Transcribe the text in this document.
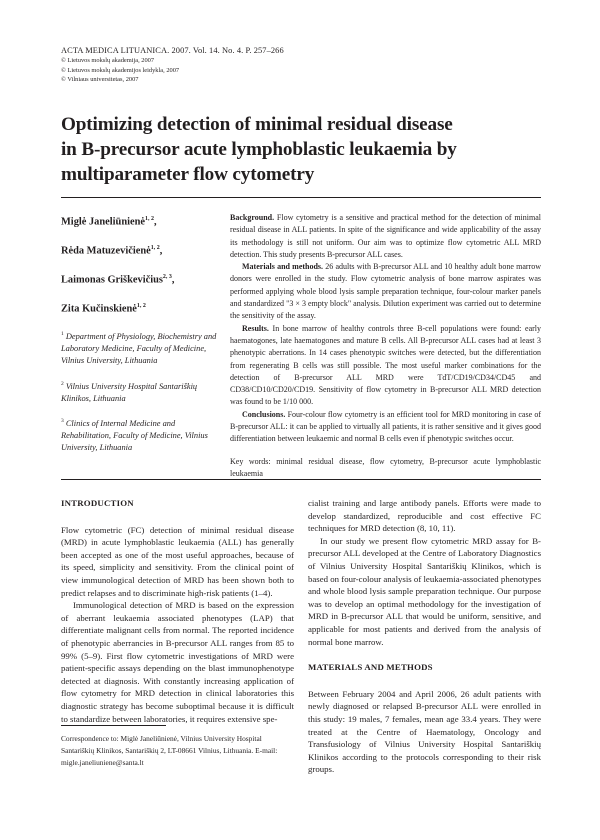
ACTA MEDICA LITUANICA. 2007. Vol. 14. No. 4. P. 257–266
© Lietuvos mokslų akademija, 2007
© Lietuvos mokslų akademijos leidykla, 2007
© Vilniaus universitetas, 2007
Optimizing detection of minimal residual disease
in B-precursor acute lymphoblastic leukaemia by
multiparameter flow cytometry
Miglė Janeliūnienė$^{1, 2}$,
Rėda Matuzevičienė$^{1, 2}$,
Laimonas Griškevičius$^{2, 3}$,
Zita Kučinskienė$^{1, 2}$
$^1$ Department of Physiology, Biochemistry and Laboratory Medicine, Faculty of Medicine, Vilnius University, Lithuania
$^2$ Vilnius University Hospital Santariškių Klinikos, Lithuania
$^3$ Clinics of Internal Medicine and Rehabilitation, Faculty of Medicine, Vilnius University, Lithuania

Background. Flow cytometry is a sensitive and practical method for the detection of minimal residual disease in ALL patients. In spite of the significance and wide applicability of the assay its methodology is still not uniform. Our aim was to optimize flow cytometric ALL MRD detection. This study presents B-precursor ALL cases.

Materials and methods. 26 adults with B-precursor ALL and 10 healthy adult bone marrow donors were enrolled in the study. Flow cytometric analysis of bone marrow aspirates was performed applying whole blood lysis sample preparation technique, four-colour marker panels and standardized "3 × 3 empty block" analysis. Dilution experiment was carried out to determine the sensitivity of the assay.

Results. In bone marrow of healthy controls three B-cell populations were found: early haematogones, late haematogones and mature B cells. All B-precursor ALL cases had at least 3 phenotypic aberrations. In 14 cases phenotypic switches were detected, but the differentiation from regenerating B cells was still possible. The most useful marker combinations for the detection of B-precursor ALL MRD were TdT/CD19/CD34/CD45 and CD38/CD10/CD20/CD19. Sensitivity of flow cytometry in B-precursor ALL MRD detection was found to be 1/10 000.

Conclusions. Four-colour flow cytometry is an efficient tool for MRD monitoring in case of B-precursor ALL: it can be applied to virtually all patients, it is rather sensitive and it gives good differentiation between leukaemic and normal B cells even if phenotypic switches occur.

Key words: minimal residual disease, flow cytometry, B-precursor acute lymphoblastic leukaemia

INTRODUCTION

Flow cytometric (FC) detection of minimal residual disease (MRD) in acute lymphoblastic leukaemia (ALL) has generally been accepted as one of the most useful approaches, because of its speed, simplicity and sensitivity. From the clinical point of view immunological detection of MRD has been shown both to predict relapses and to discriminate high-risk patients (1–4).

Immunological detection of MRD is based on the expression of aberrant leukaemia associated phenotypes (LAP) that differentiate malignant cells from normal. The reported incidence of phenotypic aberrancies in B-precursor ALL ranges from 85 to 99% (5–9). First flow cytometric investigations of MRD were patient-specific assays depending on the blast immunophenotype detected at diagnosis. With constantly increasing application of flow cytometry for MRD detection in clinical laboratories this diagnostic strategy has become suboptimal because it is difficult to standardize between laboratories, it requires extensive spe-

cialist training and large antibody panels. Efforts were made to develop standardized, reproducible and cost effective FC techniques for MRD detection (8, 10, 11).

In our study we present flow cytometric MRD assay for B-precursor ALL developed at the Centre of Laboratory Diagnostics of Vilnius University Hospital Santariškių Klinikos, which is based on four-colour analysis of leukaemia-associated phenotypes and whole blood lysis sample preparation technique. Our purpose was to develop an optimal methodology for the investigation of MRD in B-precursor ALL that would be uniform, sensitive, and applicable for most patients and derived from the analysis of normal bone marrow.

MATERIALS AND METHODS

Between February 2004 and April 2006, 26 adult patients with newly diagnosed or relapsed B-precursor ALL were enrolled in this study: 19 males, 7 females, mean age 33.4 years. They were treated at the Centre of Haematology, Oncology and Transfusiology of Vilnius University Hospital Santariškių Klinikos according to the protocols corresponding to their risk groups.

Correspondence to: Miglė Janeliūnienė, Vilnius University Hospital Santariškių Klinikos, Santariškių 2, LT-08661 Vilnius, Lithuania. E-mail: migle.janeliuniene@santa.lt
